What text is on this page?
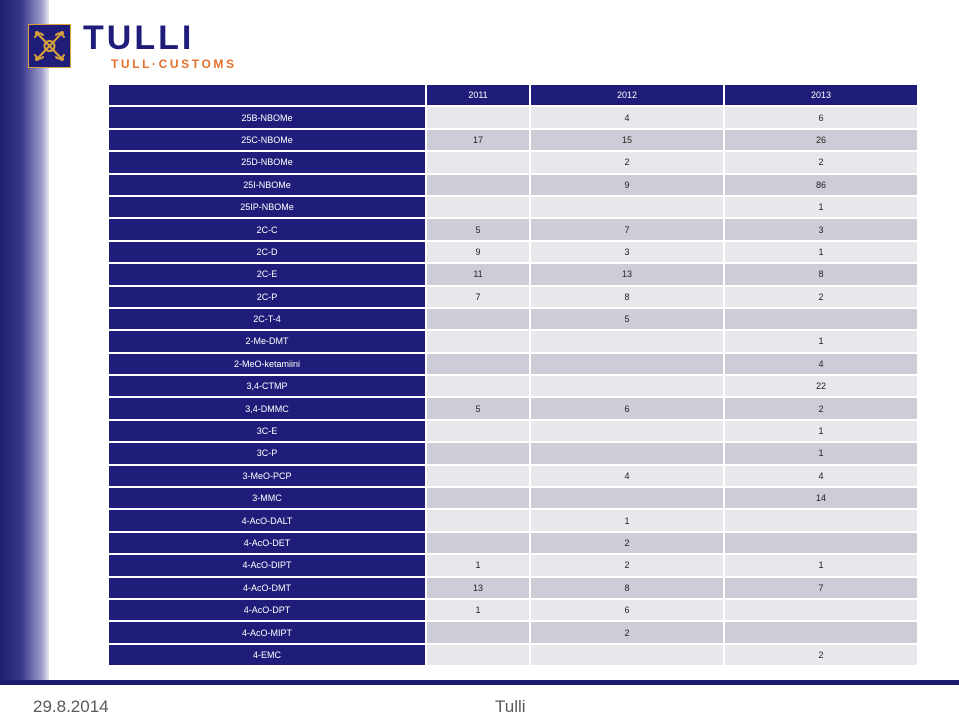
TULLI
TULL·CUSTOMS
	2011	2012	2013
25B-NBOMe		4	6
25C-NBOMe	17	15	26
25D-NBOMe		2	2
25I-NBOMe		9	86
25IP-NBOMe			1
2C-C	5	7	3
2C-D	9	3	1
2C-E	11	13	8
2C-P	7	8	2
2C-T-4		5	
2-Me-DMT			1
2-MeO-ketamiini			4
3,4-CTMP			22
3,4-DMMC	5	6	2
3C-E			1
3C-P			1
3-MeO-PCP		4	4
3-MMC			14
4-AcO-DALT		1	
4-AcO-DET		2	
4-AcO-DIPT	1	2	1
4-AcO-DMT	13	8	7
4-AcO-DPT	1	6	
4-AcO-MIPT		2	
4-EMC			2
29.8.2014	Tulli
